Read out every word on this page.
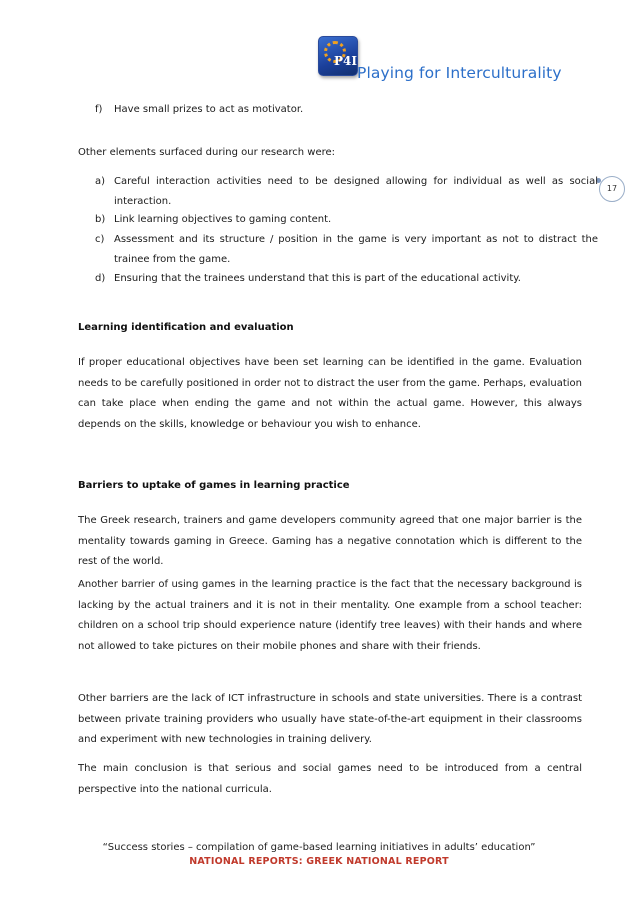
P4I
Playing for Interculturality
17
f) Have small prizes to act as motivator.
Other elements surfaced during our research were:
a) Careful interaction activities need to be designed allowing for individual as well as social interaction.
b) Link learning objectives to gaming content.
c) Assessment and its structure / position in the game is very important as not to distract the trainee from the game.
d) Ensuring that the trainees understand that this is part of the educational activity.
Learning identification and evaluation
If proper educational objectives have been set learning can be identified in the game. Evaluation needs to be carefully positioned in order not to distract the user from the game. Perhaps, evaluation can take place when ending the game and not within the actual game. However, this always depends on the skills, knowledge or behaviour you wish to enhance.
Barriers to uptake of games in learning practice
The Greek research, trainers and game developers community agreed that one major barrier is the mentality towards gaming in Greece. Gaming has a negative connotation which is different to the rest of the world.
Another barrier of using games in the learning practice is the fact that the necessary background is lacking by the actual trainers and it is not in their mentality. One example from a school teacher: children on a school trip should experience nature (identify tree leaves) with their hands and where not allowed to take pictures on their mobile phones and share with their friends.
Other barriers are the lack of ICT infrastructure in schools and state universities. There is a contrast between private training providers who usually have state-of-the-art equipment in their classrooms and experiment with new technologies in training delivery.
The main conclusion is that serious and social games need to be introduced from a central perspective into the national curricula.
“Success stories – compilation of game-based learning initiatives in adults’ education”
NATIONAL REPORTS: GREEK NATIONAL REPORT
